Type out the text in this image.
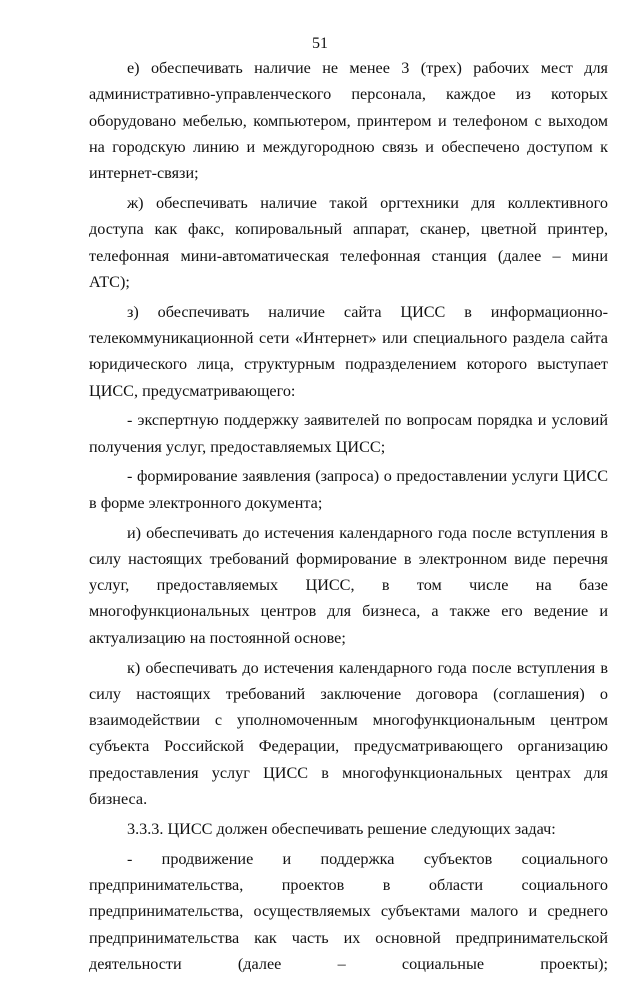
51

е) обеспечивать наличие не менее 3 (трех) рабочих мест для административно-управленческого персонала, каждое из которых оборудовано мебелью, компьютером, принтером и телефоном с выходом на городскую линию и междугородною связь и обеспечено доступом к интернет-связи;

ж) обеспечивать наличие такой оргтехники для коллективного доступа как факс, копировальный аппарат, сканер, цветной принтер, телефонная мини-автоматическая телефонная станция (далее – мини АТС);

з) обеспечивать наличие сайта ЦИСС в информационно-телекоммуникационной сети «Интернет» или специального раздела сайта юридического лица, структурным подразделением которого выступает ЦИСС, предусматривающего:

- экспертную поддержку заявителей по вопросам порядка и условий получения услуг, предоставляемых ЦИСС;

- формирование заявления (запроса) о предоставлении услуги ЦИСС в форме электронного документа;

и) обеспечивать до истечения календарного года после вступления в силу настоящих требований формирование в электронном виде перечня услуг, предоставляемых ЦИСС, в том числе на базе многофункциональных центров для бизнеса, а также его ведение и актуализацию на постоянной основе;

к) обеспечивать до истечения календарного года после вступления в силу настоящих требований заключение договора (соглашения) о взаимодействии с уполномоченным многофункциональным центром субъекта Российской Федерации, предусматривающего организацию предоставления услуг ЦИСС в многофункциональных центрах для бизнеса.

3.3.3. ЦИСС должен обеспечивать решение следующих задач:

- продвижение и поддержка субъектов социального предпринимательства, проектов в области социального предпринимательства, осуществляемых субъектами малого и среднего предпринимательства как часть их основной предпринимательской деятельности (далее – социальные проекты);
